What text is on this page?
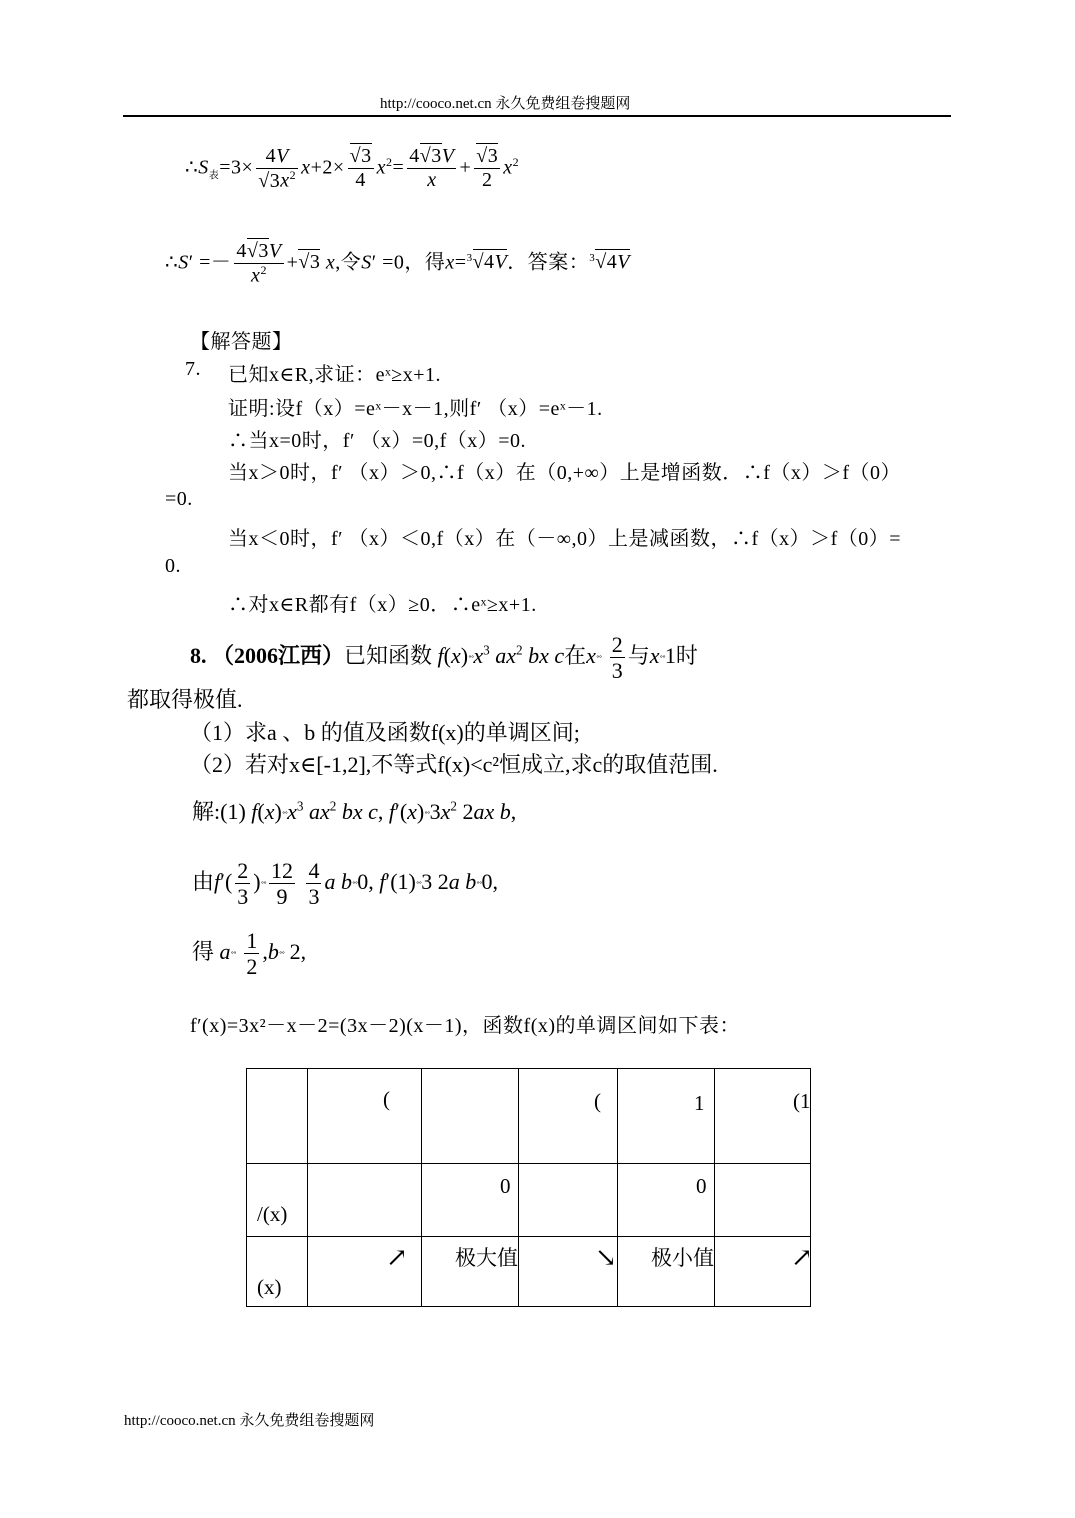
http://cooco.net.cn 永久免费组卷搜题网
$\therefore S_表=3\times \frac{4V}{√3x^2} x+2\times \frac{√3}{4} x^2= \frac{4√3V}{x} + \frac{√3}{2} x^2$
∴S′ =－ $\frac{4√3V}{x^2} +√3$ x,令S′ =0，得x=$^3$√4V．答案：$^3$√4V
【解答题】
7. 已知x∈R,求证：eˣ≥x+1.
证明:设f（x）=eˣ－x－1,则f′ （x）=eˣ－1.
∴当x=0时，f′ （x）=0,f（x）=0.
当x＞0时，f′ （x）＞0,∴f（x）在（0,+∞）上是增函数．∴f（x）＞f（0）
=0.
当x＜0时，f′ （x）＜0,f（x）在（－∞,0）上是减函数，∴f（x）＞f（0）=
0.
∴对x∈R都有f（x）≥0．∴eˣ≥x+1.
8. （2006江西）已知函数 $f(x)˚˚x^3$ $ax^2$ bx c在x˚˚ $\frac{2}{3}$ 与x˚˚1时
都取得极值.
（1）求a 、b 的值及函数f(x)的单调区间;
（2）若对x∈[-1,2],不等式f(x)<c²恒成立,求c的取值范围.
解:(1) $f(x)˚˚x^3$ $ax^2$ bx c, $f'(x)˚˚3x^2$ 2ax b,
由$f'( \frac{2}{3}$ )˚˚ $\frac{12}{9}$
$\frac{4}{3}$ a b˚˚0, f′(1)˚˚3 2a b˚˚0,
得 a˚˚ $\frac{1}{2}$ ,b˚˚ 2,
f′(x)=3x²－x－2=(3x－2)(x－1)，函数f(x)的单调区间如下表：

	(		(	1	(1

/(x)		0		0	

(x)	↗	极大值	↘	极小值	↗
http://cooco.net.cn 永久免费组卷搜题网
